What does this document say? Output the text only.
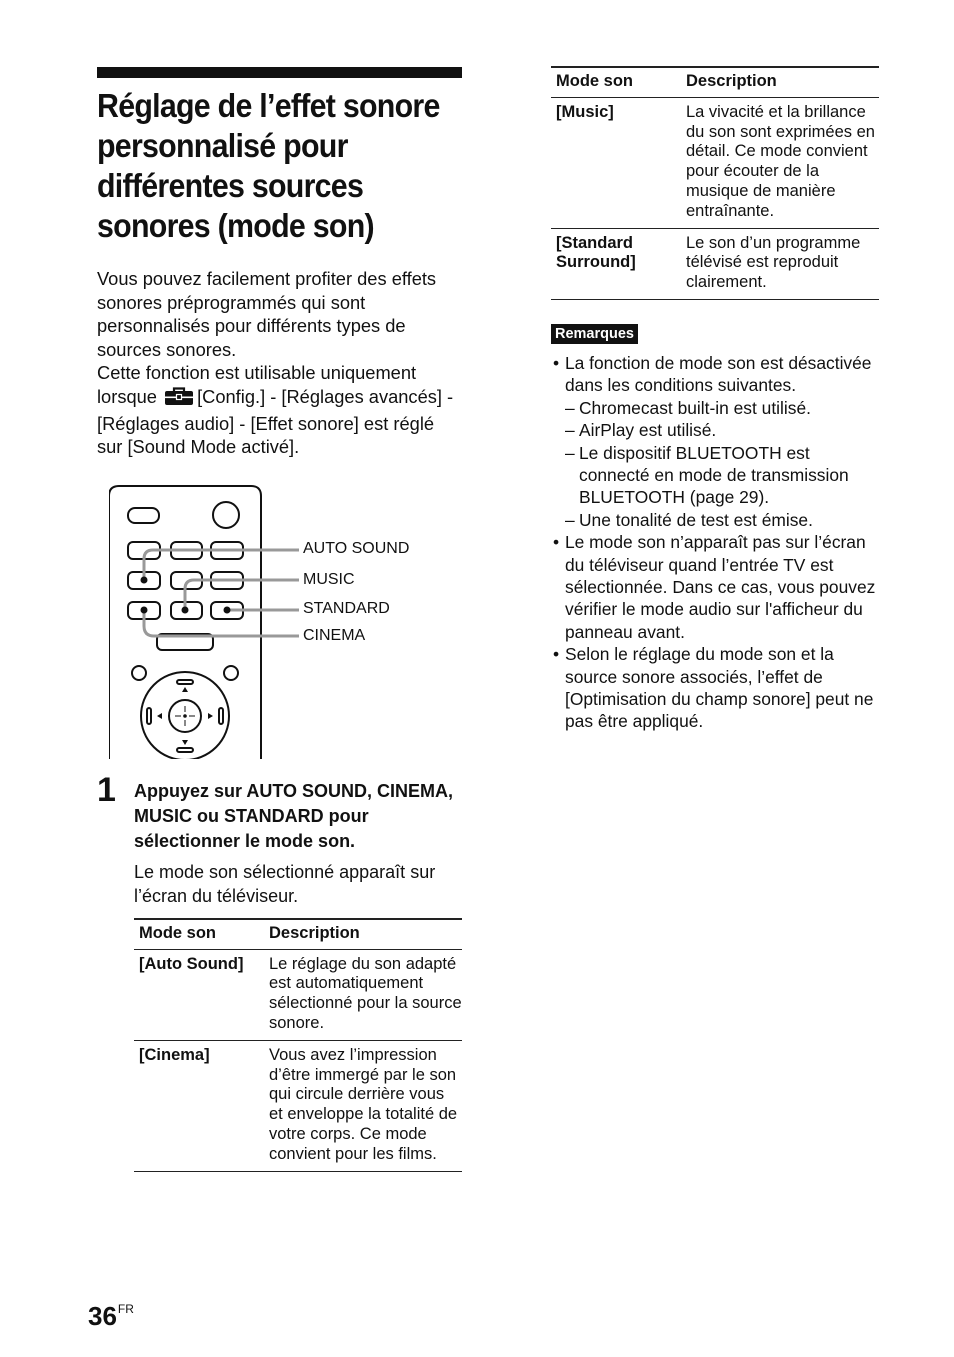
Réglage de l’effet sonore personnalisé pour différentes sources sonores (mode son)

Vous pouvez facilement profiter des effets sonores préprogrammés qui sont personnalisés pour différents types de sources sonores.

Cette fonction est utilisable uniquement lorsque [Config.] - [Réglages avancés] - [Réglages audio] - [Effet sonore] est réglé sur [Sound Mode activé].

AUTO SOUND
MUSIC
STANDARD
CINEMA
1 Appuyez sur AUTO SOUND, CINEMA, MUSIC ou STANDARD pour sélectionner le mode son.

Le mode son sélectionné apparaît sur l’écran du téléviseur.

Mode son	Description
[Auto Sound]	Le réglage du son adapté est automatiquement sélectionné pour la source sonore.
[Cinema]	Vous avez l’impression d’être immergé par le son qui circule derrière vous et enveloppe la totalité de votre corps. Ce mode convient pour les films.
Mode son	Description
[Music]	La vivacité et la brillance du son sont exprimées en détail. Ce mode convient pour écouter de la musique de manière entraînante.
[Standard Surround]	Le son d’un programme télévisé est reproduit clairement.
Remarques
• La fonction de mode son est désactivée dans les conditions suivantes.
– Chromecast built-in est utilisé.
– AirPlay est utilisé.
– Le dispositif BLUETOOTH est connecté en mode de transmission BLUETOOTH (page 29).
– Une tonalité de test est émise.
• Le mode son n’apparaît pas sur l’écran du téléviseur quand l’entrée TV est sélectionnée. Dans ce cas, vous pouvez vérifier le mode audio sur l'afficheur du panneau avant.
• Selon le réglage du mode son et la source sonore associés, l’effet de [Optimisation du champ sonore] peut ne pas être appliqué.
$36^{FR}$
